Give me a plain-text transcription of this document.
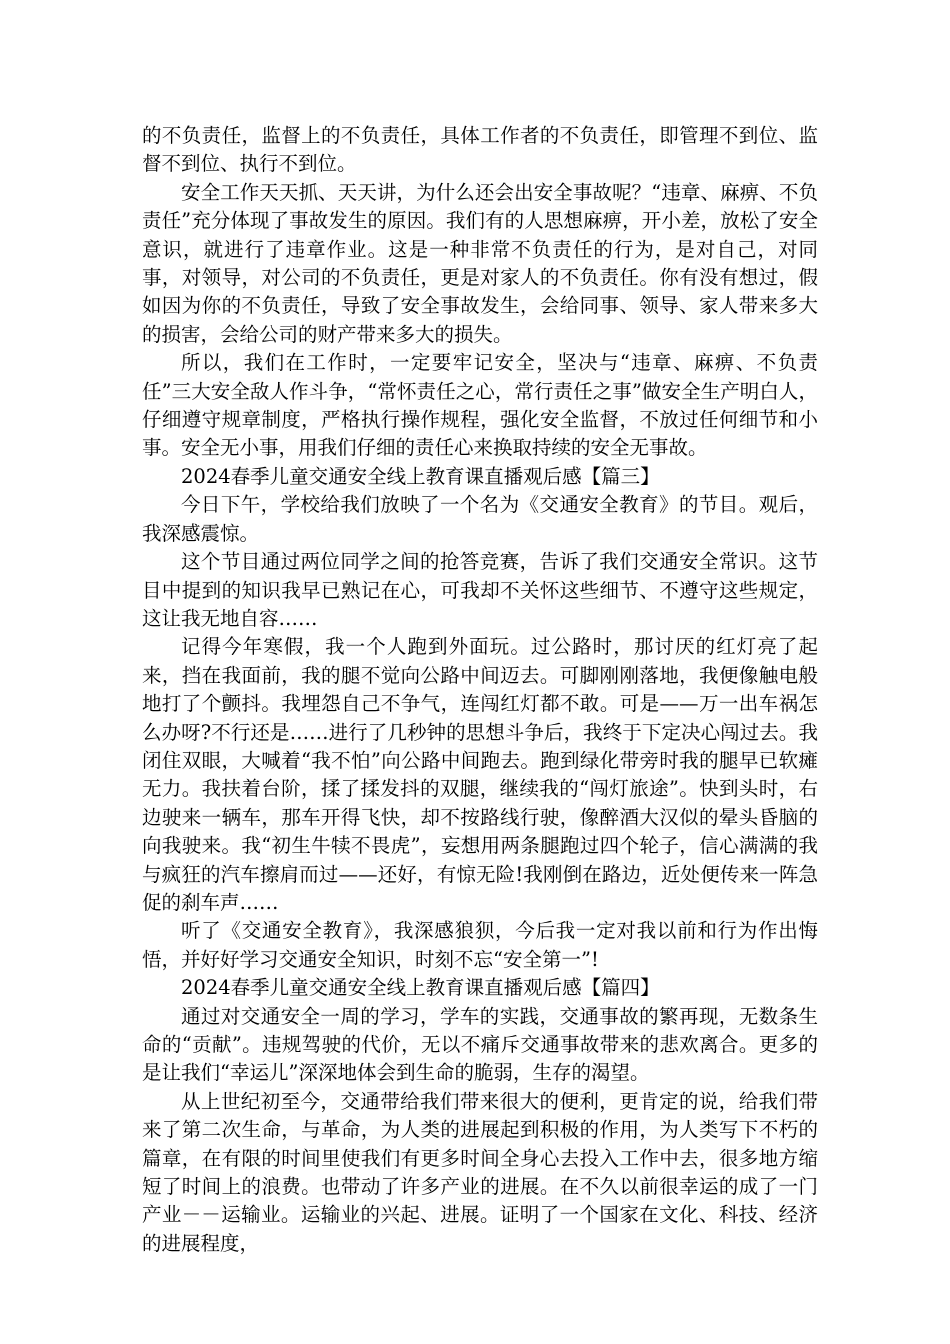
的不负责任，监督上的不负责任，具体工作者的不负责任，即管理不到位、监督不到位、执行不到位。

安全工作天天抓、天天讲，为什么还会出安全事故呢？“违章、麻痹、不负责任”充分体现了事故发生的原因。我们有的人思想麻痹，开小差，放松了安全意识，就进行了违章作业。这是一种非常不负责任的行为，是对自己，对同事，对领导，对公司的不负责任，更是对家人的不负责任。你有没有想过，假如因为你的不负责任，导致了安全事故发生，会给同事、领导、家人带来多大的损害，会给公司的财产带来多大的损失。

所以，我们在工作时，一定要牢记安全，坚决与“违章、麻痹、不负责任”三大安全敌人作斗争，“常怀责任之心，常行责任之事”做安全生产明白人，仔细遵守规章制度，严格执行操作规程，强化安全监督，不放过任何细节和小事。安全无小事，用我们仔细的责任心来换取持续的安全无事故。

2024春季儿童交通安全线上教育课直播观后感【篇三】

今日下午，学校给我们放映了一个名为《交通安全教育》的节目。观后，我深感震惊。

这个节目通过两位同学之间的抢答竞赛，告诉了我们交通安全常识。这节目中提到的知识我早已熟记在心，可我却不关怀这些细节、不遵守这些规定，这让我无地自容……

记得今年寒假，我一个人跑到外面玩。过公路时，那讨厌的红灯亮了起来，挡在我面前，我的腿不觉向公路中间迈去。可脚刚刚落地，我便像触电般地打了个颤抖。我埋怨自己不争气，连闯红灯都不敢。可是——万一出车祸怎么办呀?不行还是……进行了几秒钟的思想斗争后，我终于下定决心闯过去。我闭住双眼，大喊着“我不怕”向公路中间跑去。跑到绿化带旁时我的腿早已软瘫无力。我扶着台阶，揉了揉发抖的双腿，继续我的“闯灯旅途”。快到头时，右边驶来一辆车，那车开得飞快，却不按路线行驶，像醉酒大汉似的晕头昏脑的向我驶来。我“初生牛犊不畏虎”，妄想用两条腿跑过四个轮子，信心满满的我与疯狂的汽车擦肩而过——还好，有惊无险!我刚倒在路边，近处便传来一阵急促的刹车声……

听了《交通安全教育》，我深感狼狈，今后我一定对我以前和行为作出悔悟，并好好学习交通安全知识，时刻不忘“安全第一”!

2024春季儿童交通安全线上教育课直播观后感【篇四】

通过对交通安全一周的学习，学车的实践，交通事故的繁再现，无数条生命的“贡献”。违规驾驶的代价，无以不痛斥交通事故带来的悲欢离合。更多的是让我们“幸运儿”深深地体会到生命的脆弱，生存的渴望。

从上世纪初至今，交通带给我们带来很大的便利，更肯定的说，给我们带来了第二次生命，与革命，为人类的进展起到积极的作用，为人类写下不朽的篇章，在有限的时间里使我们有更多时间全身心去投入工作中去，很多地方缩短了时间上的浪费。也带动了许多产业的进展。在不久以前很幸运的成了一门产业－－运输业。运输业的兴起、进展。证明了一个国家在文化、科技、经济的进展程度，
